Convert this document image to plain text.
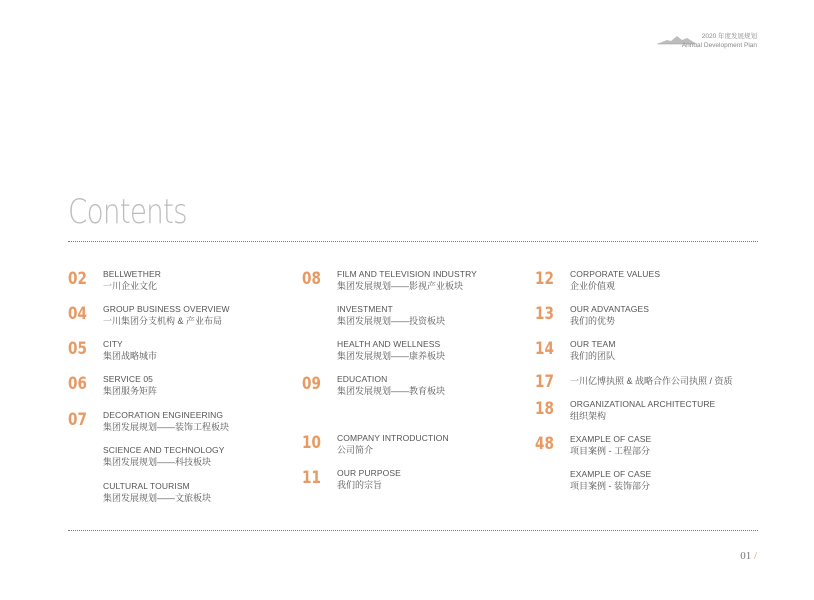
2020 年度发展规划
Annual Development Plan
Contents
02 BELLWETHER
一川企业文化
04 GROUP BUSINESS OVERVIEW
一川集团分支机构 & 产业布局
05 CITY
集团战略城市
06 SERVICE 05
集团服务矩阵
07 DECORATION ENGINEERING
集团发展规划——装饰工程板块
SCIENCE AND TECHNOLOGY
集团发展规划——科技板块
CULTURAL TOURISM
集团发展规划——文旅板块
08 FILM AND TELEVISION INDUSTRY
集团发展规划——影视产业板块
INVESTMENT
集团发展规划——投资板块
HEALTH AND WELLNESS
集团发展规划——康养板块
09 EDUCATION
集团发展规划——教育板块
10 COMPANY INTRODUCTION
公司简介
11 OUR PURPOSE
我们的宗旨
12 CORPORATE VALUES
企业价值观
13 OUR ADVANTAGES
我们的优势
14 OUR TEAM
我们的团队
17 一川亿博执照 & 战略合作公司执照 / 资质
18 ORGANIZATIONAL ARCHITECTURE
组织架构
48 EXAMPLE OF CASE
项目案例 - 工程部分
EXAMPLE OF CASE
项目案例 - 装饰部分
01 /
